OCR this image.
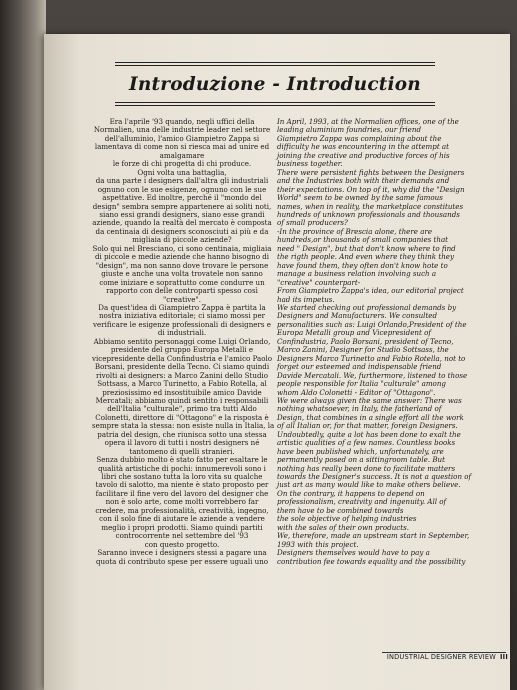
Introduzione - Introduction

Era l'aprile '93 quando, negli uffici della

Normalien, una delle industrie leader nel settore

dell'alluminio, l'amico Giampietro Zappa si

lamentava di come non si riesca mai ad unire ed

amalgamare

le forze di chi progetta di chi produce.

Ogni volta una battaglia,

da una parte i designers dall'altra gli industriali

ognuno con le sue esigenze, ognuno con le sue

aspettative. Ed inoltre, perché il "mondo del

design" sembra sempre appartenere ai soliti noti,

siano essi grandi designers, siano esse grandi

aziende, quando la realtà del mercato è composta

da centinaia di designers sconosciuti ai più e da

migliaia di piccole aziende?

Solo qui nel Bresciano, ci sono centinaia, migliaia

di piccole e medie aziende che hanno bisogno di

"design", ma non sanno dove trovare le persone

giuste e anche una volta trovatele non sanno

come iniziare e soprattutto come condurre un

rapporto con delle controparti spesso così

"creative".

Da quest'idea di Giampietro Zappa è partita la

nostra iniziativa editoriale; ci siamo mossi per

verificare le esigenze professionali di designers e

di industriali.

Abbiamo sentito personaggi come Luigi Orlando,

presidente del gruppo Europa Metalli e

vicepresidente della Confindustria e l'amico Paolo

Borsani, presidente della Tecno. Ci siamo quindi

rivolti ai designers: a Marco Zanini dello Studio

Sottsass, a Marco Turinetto, a Fabio Rotella, al

preziosissimo ed insostituibile amico Davide

Mercatali; abbiamo quindi sentito i responsabili

dell'Italia "culturale", primo tra tutti Aldo

Colonetti, direttore di "Ottagono" e la risposta è

sempre stata la stessa: non esiste nulla in Italia, la

patria del design, che riunisca sotto una stessa

opera il lavoro di tutti i nostri designers né

tantomeno di quelli stranieri.

Senza dubbio molto è stato fatto per esaltare le

qualità artistiche di pochi: innumerevoli sono i

libri che sostano tutta la loro vita su qualche

tavolo di salotto, ma niente è stato proposto per

facilitare il fine vero del lavoro del designer che

non è solo arte, come molti vorrebbero far

credere, ma professionalità, creatività, ingegno,

con il solo fine di aiutare le aziende a vendere

meglio i propri prodotti. Siamo quindi partiti

controcorrente nel settembre del '93

con questo progetto.

Saranno invece i designers stessi a pagare una

quota di contributo spese per essere uguali uno

In April, 1993, at the Normalien offices, one of the

leading aluminium foundries, our friend

Giampietro Zappa was complaining about the

difficulty he was encountering in the attempt at

joining the creative and productive forces of his

business together.

There were persistent fights between the Designers

and the Industries both with their demands and

their expectations. On top of it, why did the "Design

World" seem to be owned by the same famous

names, when in reality, the marketplace constitutes

hundreds of unknown professionals and thousands

of small producers?

-In the province of Brescia alone, there are

hundreds,or thousands of small companies that

need " Design", but that don't know where to find

the rigth people. And even where they think they

have found them, they often don't know hote to

manage a business relation involving such a

"creative" counterpart-

From Giampietro Zappa's idea, our editorial project

had its impetus.

We started checking out professional demands by

Designers and Manufacturers. We consulted

personalities such as: Luigi Orlando,President of the

Europa Metalli group and Vicepresident of

Confindustria, Paolo Borsani, president of Tecno,

Marco Zanini, Designer for Studio Sottsass, the

Designers Marco Turinetto and Fabio Rotella, not to

forget our esteemed and indispensable friend

Davide Mercatali. We, furthermore, listened to those

people responsible for Italia "culturale" among

whom Aldo Colonetti - Editor of "Ottagono".

We were always given the same answer: There was

nothing whatsoever, in Italy, the fatherland of

Design, that combines in a single effort all the work

of all Italian or, for that matter, foreign Designers.

Undoubtedly, quite a lot has been done to exalt the

artistic qualities of a few names. Countless books

have been published which, unfortunately, are

permanently posed on a sittingroom table. But

nothing has really been done to facilitate matters

towards the Designer's success. It is not a question of

just art as many would like to make others believe.

On the contrary, it happens to depend on

professionalism, creativity and ingenuity. All of

them have to be combined towards

the sole objective of helping industries

with the sales of their own products.

We, therefore, made an upstream start in September,

1993 with this project.

Designers themselves would have to pay a

contribution fee towards equality and the possibility

INDUSTRIAL DESIGNER REVIEW III
